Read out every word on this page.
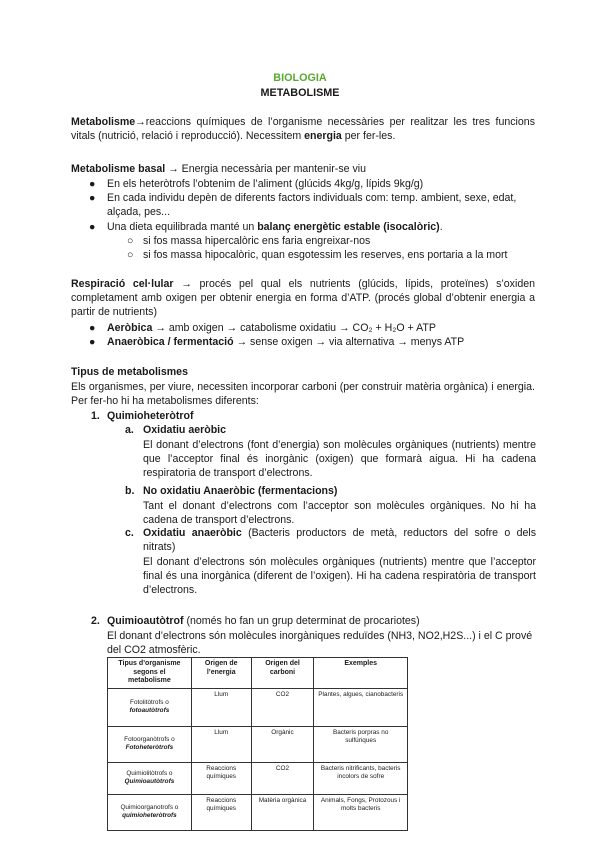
BIOLOGIA
METABOLISME
Metabolisme→reaccions químiques de l’organisme necessàries per realitzar les tres funcions vitals (nutrició, relació i reproducció). Necessitem energia per fer-les.
Metabolisme basal → Energia necessària per mantenir-se viu
● En els heteròtrofs l’obtenim de l’aliment (glúcids 4kg/g, lípids 9kg/g)
● En cada individu depèn de diferents factors individuals com: temp. ambient, sexe, edat, alçada, pes...
● Una dieta equilibrada manté un balanç energètic estable (isocalòric).
○ si fos massa hipercalòric ens faria engreixar-nos
○ si fos massa hipocalòric, quan esgotessim les reserves, ens portaria a la mort
Respiració cel·lular → procés pel qual els nutrients (glúcids, lípids, proteïnes) s’oxiden completament amb oxigen per obtenir energia en forma d’ATP. (procés global d’obtenir energia a partir de nutrients)
● Aeròbica → amb oxigen → catabolisme oxidatiu → CO₂ + H₂O + ATP
● Anaeròbica / fermentació → sense oxigen → via alternativa → menys ATP
Tipus de metabolismes
Els organismes, per viure, necessiten incorporar carboni (per construir matèria orgànica) i energia. Per fer-ho hi ha metabolismes diferents:
1. Quimioheteròtrof
a. Oxidatiu aeròbic
El donant d’electrons (font d’energia) son molècules orgàniques (nutrients) mentre que l’acceptor final és inorgànic (oxigen) que formarà aigua. Hi ha cadena respiratoria de transport d’electrons.
b. No oxidatiu Anaeròbic (fermentacions)
Tant el donant d’electrons com l’acceptor son molècules orgàniques. No hi ha cadena de transport d’electrons.
c. Oxidatiu anaeròbic (Bacteris productors de metà, reductors del sofre o dels nitrats)
El donant d’electrons són molècules orgàniques (nutrients) mentre que l’acceptor final és una inorgànica (diferent de l’oxigen). Hi ha cadena respiratòria de transport d’electrons.
2. Quimioautòtrof (només ho fan un grup determinat de procariotes)
El donant d’electrons són molècules inorgàniques reduïdes (NH3, NO2,H2S...) i el C prové del CO2 atmosfèric.
Tipus d’organisme segons el metabolisme	Origen de l’energia	Origen del carboni	Exemples

Fotolitòtrofs o
fotoautòtrofs	Llum	CO2	Plantes, algues, cianobacteris

Fotoorganòtrofs o
Fotoheteròtrofs	Llum	Orgànic	Bacteris porpras no sulfúriques

Quimiolitòtrofs o
Quimioautòtrofs	Reaccions químiques	CO2	Bacteris nitrificants, bacteris incolors de sofre

Quimioorganotrofs o
quimioheteròtrofs	Reaccions químiques	Matèria orgànica	Animals, Fongs, Protozous i molts bacteris
